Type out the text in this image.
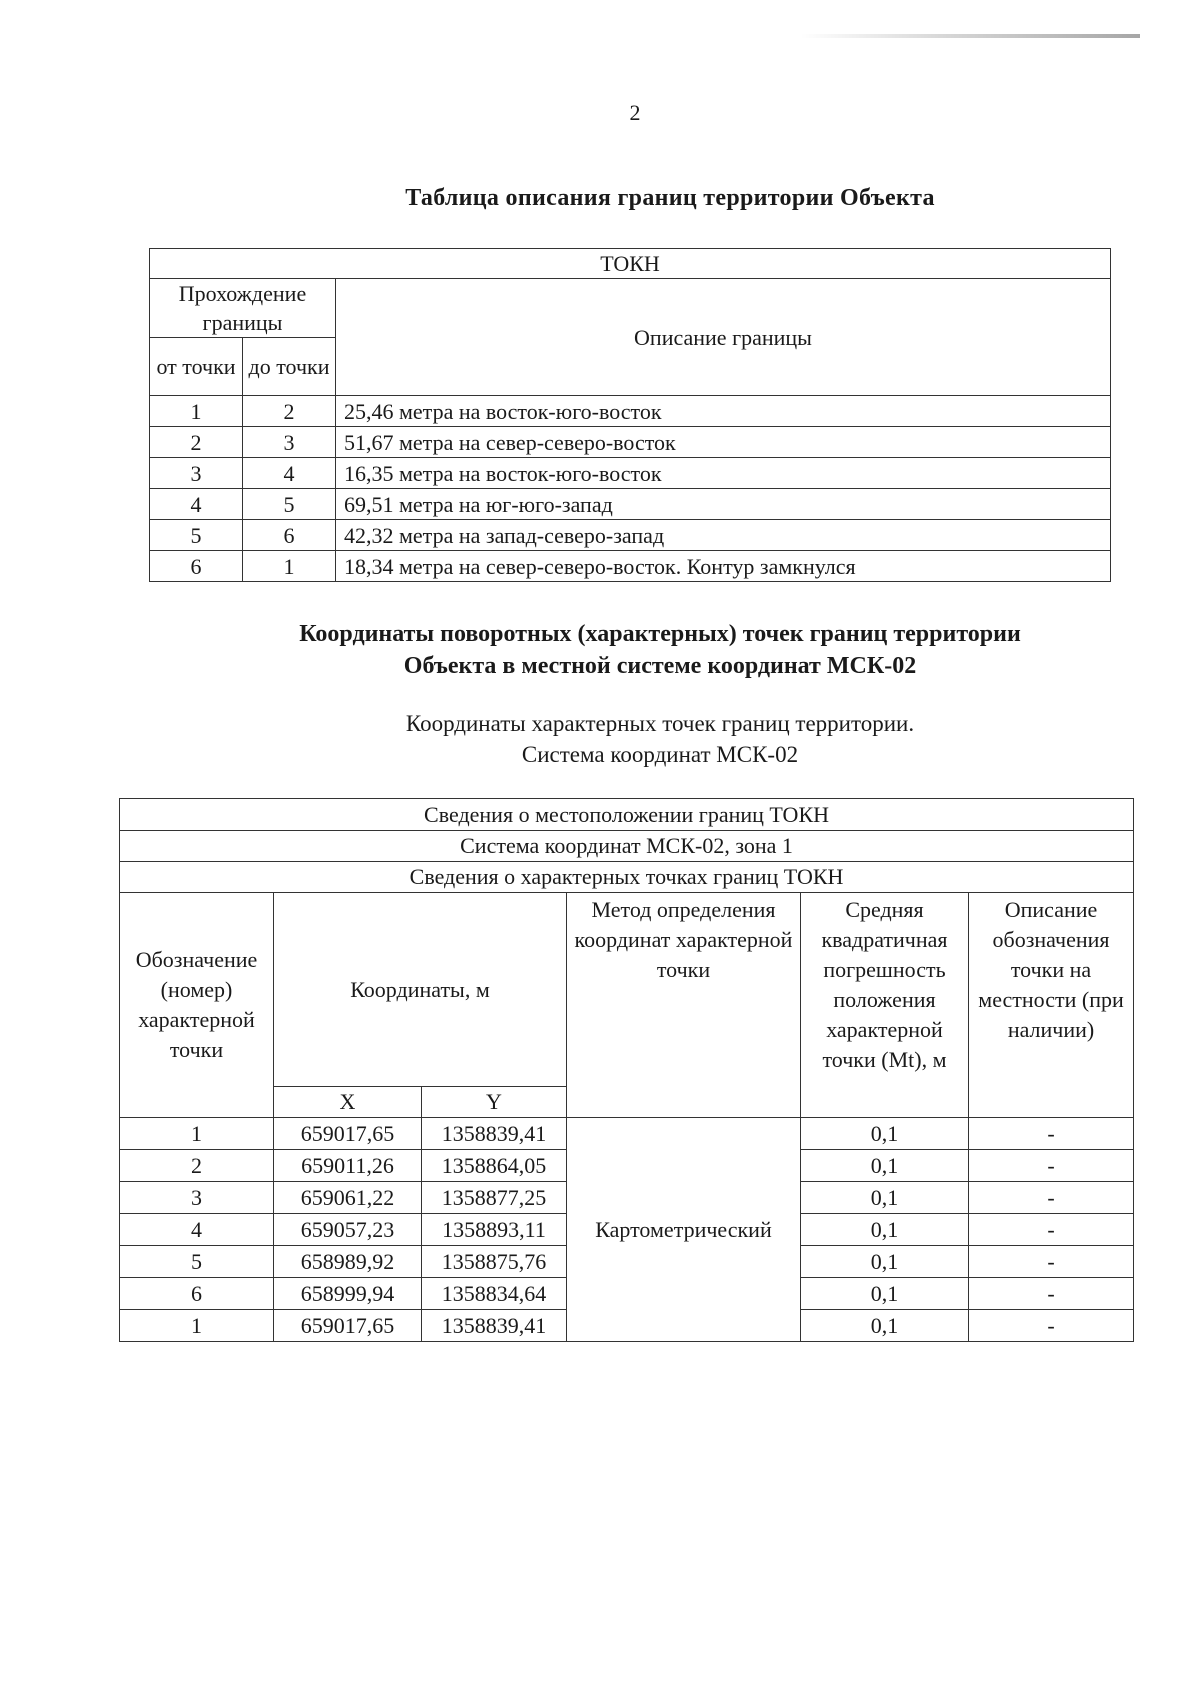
2
Таблица описания границ территории Объекта
ТОКН		
Прохождение границы		Описание границы
от точки	до точки	
1	2	25,46 метра на восток-юго-восток
2	3	51,67 метра на север-северо-восток
3	4	16,35 метра на восток-юго-восток
4	5	69,51 метра на юг-юго-запад
5	6	42,32 метра на запад-северо-запад
6	1	18,34 метра на север-северо-восток. Контур замкнулся
Координаты поворотных (характерных) точек границ территории
Объекта в местной системе координат МСК-02
Координаты характерных точек границ территории.
Система координат МСК-02
Сведения о местоположении границ ТОКН					
Система координат МСК-02, зона 1					
Сведения о характерных точках границ ТОКН					
Обозначение (номер) характерной точки	Координаты, м		Метод определения координат характерной точки	Средняя квадратичная погрешность положения характерной точки (Mt), м	Описание обозначения точки на местности (при наличии)
	X	Y			
1	659017,65	1358839,41	Картометрический	0,1	-
2	659011,26	1358864,05		0,1	-
3	659061,22	1358877,25		0,1	-
4	659057,23	1358893,11		0,1	-
5	658989,92	1358875,76		0,1	-
6	658999,94	1358834,64		0,1	-
1	659017,65	1358839,41		0,1	-
